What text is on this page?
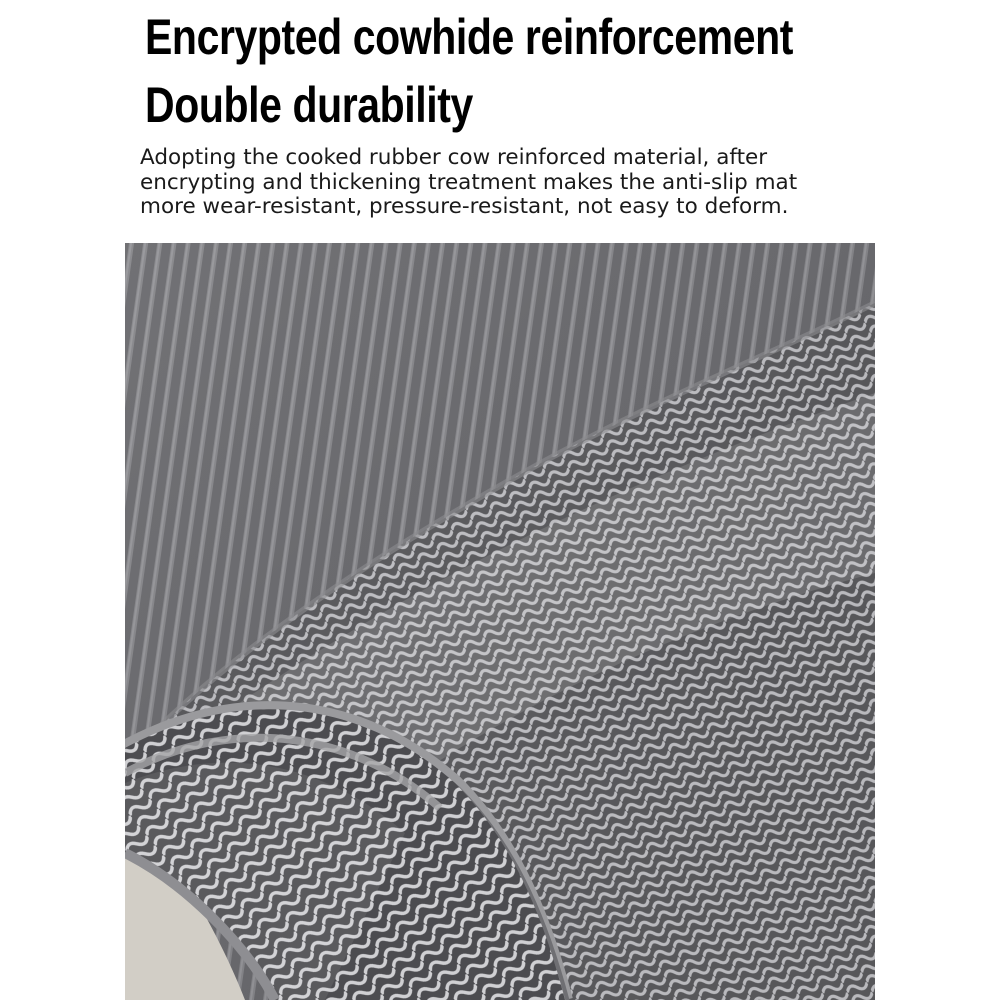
Encrypted cowhide reinforcement
Double durability

Adopting the cooked rubber cow reinforced material, after
encrypting and thickening treatment makes the anti-slip mat
more wear-resistant, pressure-resistant, not easy to deform.
